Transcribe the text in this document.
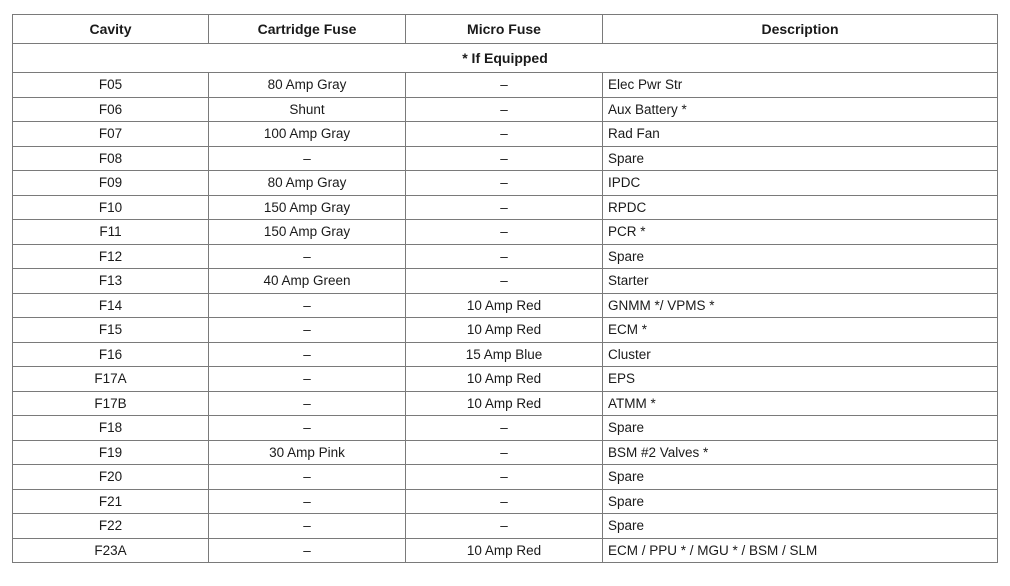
Cavity	Cartridge Fuse	Micro Fuse	Description
* If Equipped			
F05	80 Amp Gray	–	Elec Pwr Str
F06	Shunt	–	Aux Battery *
F07	100 Amp Gray	–	Rad Fan
F08	–	–	Spare
F09	80 Amp Gray	–	IPDC
F10	150 Amp Gray	–	RPDC
F11	150 Amp Gray	–	PCR *
F12	–	–	Spare
F13	40 Amp Green	–	Starter
F14	–	10 Amp Red	GNMM */ VPMS *
F15	–	10 Amp Red	ECM *
F16	–	15 Amp Blue	Cluster
F17A	–	10 Amp Red	EPS
F17B	–	10 Amp Red	ATMM *
F18	–	–	Spare
F19	30 Amp Pink	–	BSM #2 Valves *
F20	–	–	Spare
F21	–	–	Spare
F22	–	–	Spare
F23A	–	10 Amp Red	ECM / PPU * / MGU * / BSM / SLM
